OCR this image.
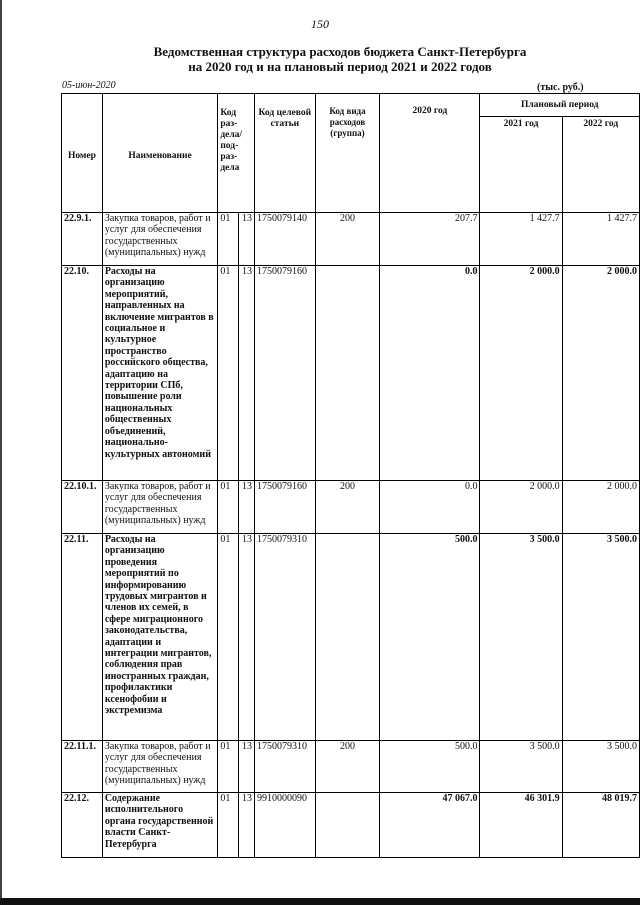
150
Ведомственная структура расходов бюджета Санкт-Петербурга
на 2020 год и на плановый период 2021 и 2022 годов
05-июн-2020	(тыс. руб.)
Номер	Наименование	Код раз-дела/ под-раз-дела		Код целевой статьи	Код вида расходов (группа)	2020 год	Плановый период	
							2021 год	2022 год
22.9.1.	Закупка товаров, работ и услуг для обеспечения государственных (муниципальных) нужд	01	13	1750079140	200	207.7	1 427.7	1 427.7
22.10.	Расходы на организацию мероприятий, направленных на включение мигрантов в социальное и культурное пространство российского общества, адаптацию на территории СПб, повышение роли национальных общественных объединений, национально-культурных автономий	01	13	1750079160		0.0	2 000.0	2 000.0
22.10.1.	Закупка товаров, работ и услуг для обеспечения государственных (муниципальных) нужд	01	13	1750079160	200	0.0	2 000.0	2 000.0
22.11.	Расходы на организацию проведения мероприятий по информированию трудовых мигрантов и членов их семей, в сфере миграционного законодательства, адаптации и интеграции мигрантов, соблюдения прав иностранных граждан, профилактики ксенофобии и экстремизма	01	13	1750079310		500.0	3 500.0	3 500.0
22.11.1.	Закупка товаров, работ и услуг для обеспечения государственных (муниципальных) нужд	01	13	1750079310	200	500.0	3 500.0	3 500.0
22.12.	Содержание исполнительного органа государственной власти Санкт-Петербурга	01	13	9910000090		47 067.0	46 301.9	48 019.7
